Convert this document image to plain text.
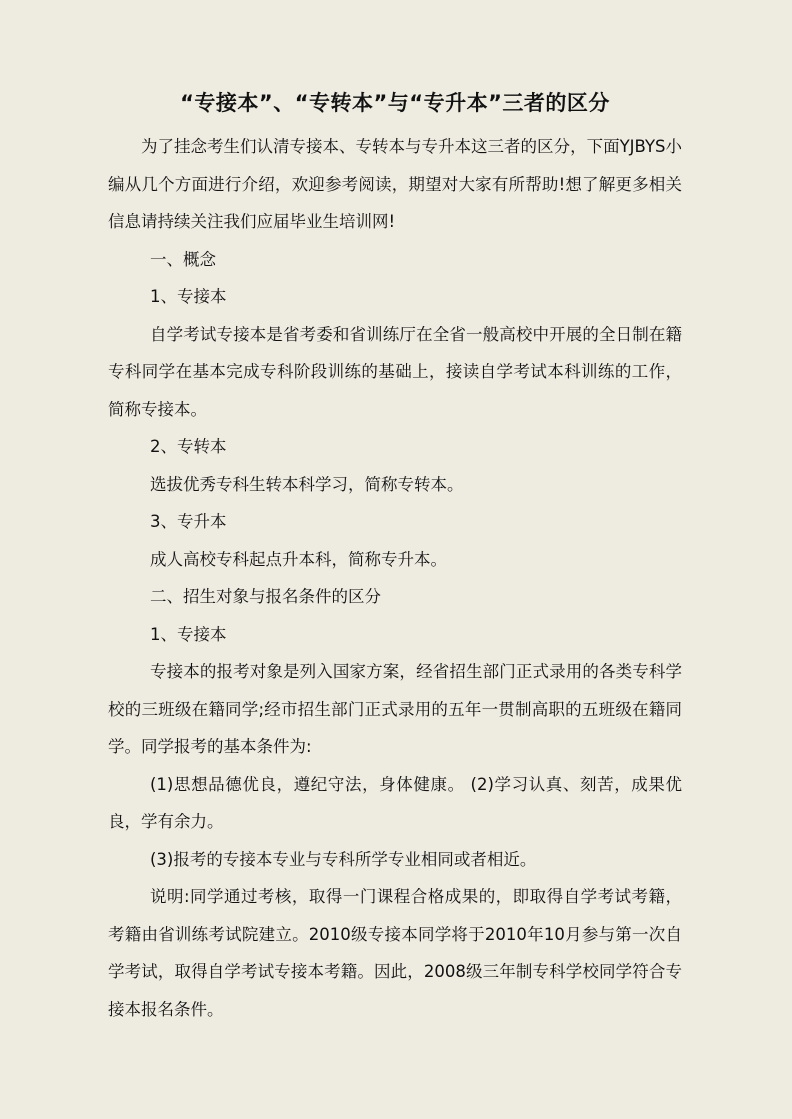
“专接本”、“专转本”与“专升本”三者的区分

为了挂念考生们认清专接本、专转本与专升本这三者的区分，下面YJBYS小编从几个方面进行介绍，欢迎参考阅读，期望对大家有所帮助!想了解更多相关信息请持续关注我们应届毕业生培训网!

一、概念

1、专接本

自学考试专接本是省考委和省训练厅在全省一般高校中开展的全日制在籍专科同学在基本完成专科阶段训练的基础上，接读自学考试本科训练的工作，简称专接本。

2、专转本

选拔优秀专科生转本科学习，简称专转本。

3、专升本

成人高校专科起点升本科，简称专升本。

二、招生对象与报名条件的区分

1、专接本

专接本的报考对象是列入国家方案，经省招生部门正式录用的各类专科学校的三班级在籍同学;经市招生部门正式录用的五年一贯制高职的五班级在籍同学。同学报考的基本条件为:

(1)思想品德优良，遵纪守法，身体健康。 (2)学习认真、刻苦，成果优良，学有余力。

(3)报考的专接本专业与专科所学专业相同或者相近。

说明:同学通过考核，取得一门课程合格成果的，即取得自学考试考籍，考籍由省训练考试院建立。2010级专接本同学将于2010年10月参与第一次自学考试，取得自学考试专接本考籍。因此，2008级三年制专科学校同学符合专接本报名条件。
